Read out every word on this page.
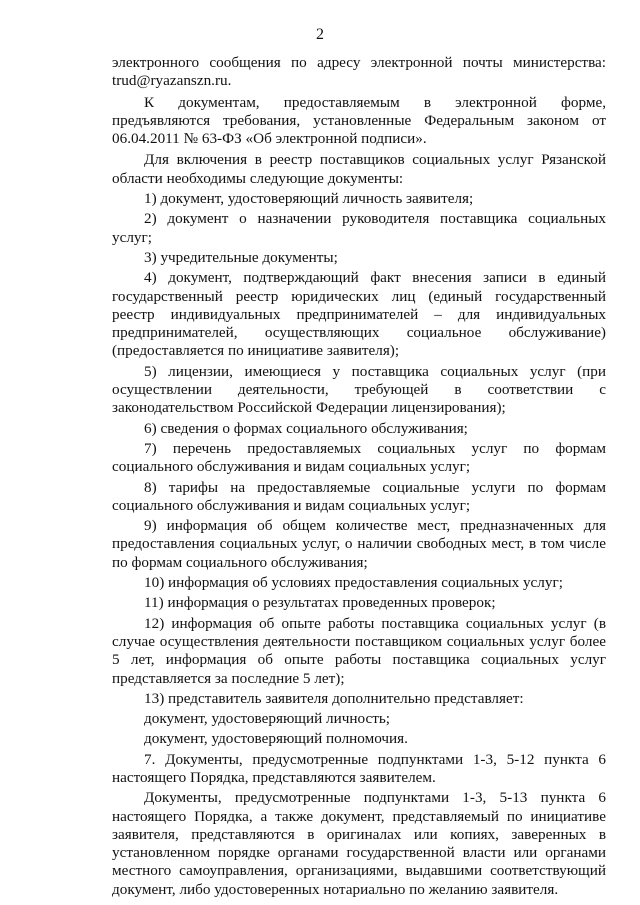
2

электронного сообщения по адресу электронной почты министерства: trud@ryazanszn.ru.

К документам, предоставляемым в электронной форме, предъявляются требования, установленные Федеральным законом от 06.04.2011 № 63-ФЗ «Об электронной подписи».

Для включения в реестр поставщиков социальных услуг Рязанской области необходимы следующие документы:

1) документ, удостоверяющий личность заявителя;

2) документ о назначении руководителя поставщика социальных услуг;

3) учредительные документы;

4) документ, подтверждающий факт внесения записи в единый государственный реестр юридических лиц (единый государственный реестр индивидуальных предпринимателей – для индивидуальных предпринимателей, осуществляющих социальное обслуживание) (предоставляется по инициативе заявителя);

5) лицензии, имеющиеся у поставщика социальных услуг (при осуществлении деятельности, требующей в соответствии с законодательством Российской Федерации лицензирования);

6) сведения о формах социального обслуживания;

7) перечень предоставляемых социальных услуг по формам социального обслуживания и видам социальных услуг;

8) тарифы на предоставляемые социальные услуги по формам социального обслуживания и видам социальных услуг;

9) информация об общем количестве мест, предназначенных для предоставления социальных услуг, о наличии свободных мест, в том числе по формам социального обслуживания;

10) информация об условиях предоставления социальных услуг;

11) информация о результатах проведенных проверок;

12) информация об опыте работы поставщика социальных услуг (в случае осуществления деятельности поставщиком социальных услуг более 5 лет, информация об опыте работы поставщика социальных услуг представляется за последние 5 лет);

13) представитель заявителя дополнительно представляет:

документ, удостоверяющий личность;

документ, удостоверяющий полномочия.

7. Документы, предусмотренные подпунктами 1-3, 5-12 пункта 6 настоящего Порядка, представляются заявителем.

Документы, предусмотренные подпунктами 1-3, 5-13 пункта 6 настоящего Порядка, а также документ, представляемый по инициативе заявителя, представляются в оригиналах или копиях, заверенных в установленном порядке органами государственной власти или органами местного самоуправления, организациями, выдавшими соответствующий документ, либо удостоверенных нотариально по желанию заявителя.
